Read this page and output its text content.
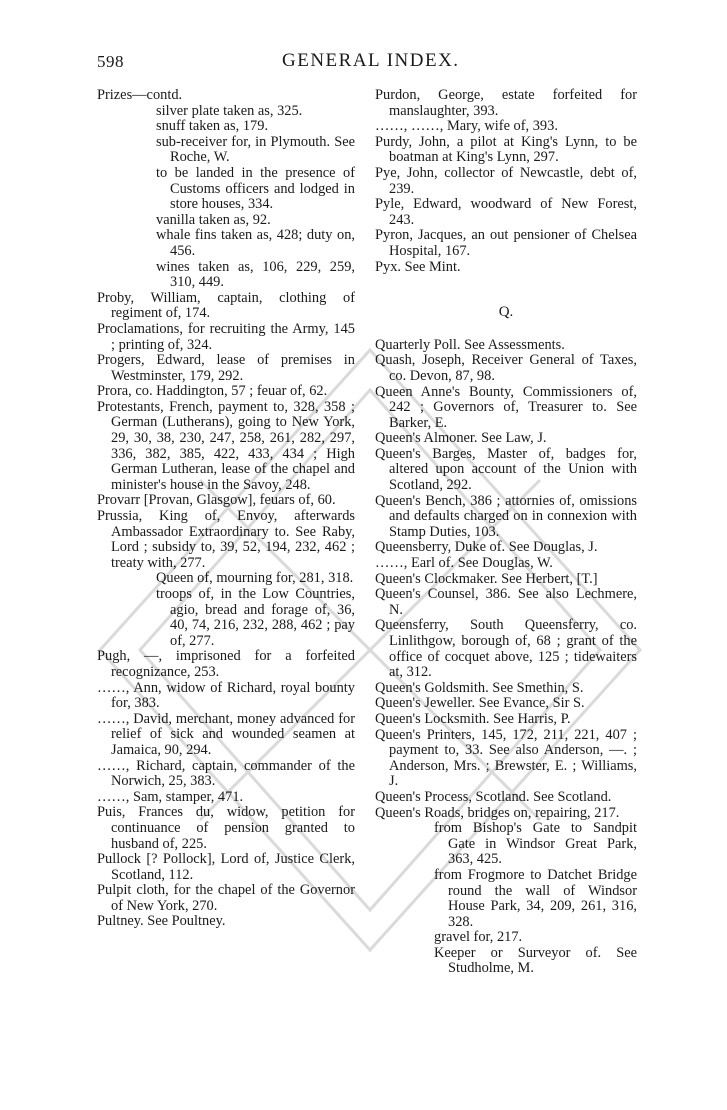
598	GENERAL INDEX.
Prizes—contd.
silver plate taken as, 325.
snuff taken as, 179.
sub-receiver for, in Plymouth. See Roche, W.
to be landed in the presence of Customs officers and lodged in store houses, 334.
vanilla taken as, 92.
whale fins taken as, 428; duty on, 456.
wines taken as, 106, 229, 259, 310, 449.
Proby, William, captain, clothing of regiment of, 174.
Proclamations, for recruiting the Army, 145 ; printing of, 324.
Progers, Edward, lease of premises in Westminster, 179, 292.
Prora, co. Haddington, 57 ; feuar of, 62.
Protestants, French, payment to, 328, 358 ; German (Lutherans), going to New York, 29, 30, 38, 230, 247, 258, 261, 282, 297, 336, 382, 385, 422, 433, 434 ; High German Lutheran, lease of the chapel and minister's house in the Savoy, 248.
Provarr [Provan, Glasgow], feuars of, 60.
Prussia, King of, Envoy, afterwards Ambassador Extraordinary to. See Raby, Lord ; subsidy to, 39, 52, 194, 232, 462 ; treaty with, 277.
Queen of, mourning for, 281, 318.
troops of, in the Low Countries, agio, bread and forage of, 36, 40, 74, 216, 232, 288, 462 ; pay of, 277.
Pugh, —, imprisoned for a forfeited recognizance, 253.
……, Ann, widow of Richard, royal bounty for, 383.
……, David, merchant, money advanced for relief of sick and wounded seamen at Jamaica, 90, 294.
……, Richard, captain, commander of the Norwich, 25, 383.
……, Sam, stamper, 471.
Puis, Frances du, widow, petition for continuance of pension granted to husband of, 225.
Pullock [? Pollock], Lord of, Justice Clerk, Scotland, 112.
Pulpit cloth, for the chapel of the Governor of New York, 270.
Pultney. See Poultney.
Purdon, George, estate forfeited for manslaughter, 393.
……, ……, Mary, wife of, 393.
Purdy, John, a pilot at King's Lynn, to be boatman at King's Lynn, 297.
Pye, John, collector of Newcastle, debt of, 239.
Pyle, Edward, woodward of New Forest, 243.
Pyron, Jacques, an out pensioner of Chelsea Hospital, 167.
Pyx. See Mint.
Q.
Quarterly Poll. See Assessments.
Quash, Joseph, Receiver General of Taxes, co. Devon, 87, 98.
Queen Anne's Bounty, Commissioners of, 242 ; Governors of, Treasurer to. See Barker, E.
Queen's Almoner. See Law, J.
Queen's Barges, Master of, badges for, altered upon account of the Union with Scotland, 292.
Queen's Bench, 386 ; attornies of, omissions and defaults charged on in connexion with Stamp Duties, 103.
Queensberry, Duke of. See Douglas, J.
……, Earl of. See Douglas, W.
Queen's Clockmaker. See Herbert, [T.]
Queen's Counsel, 386. See also Lechmere, N.
Queensferry, South Queensferry, co. Linlithgow, borough of, 68 ; grant of the office of cocquet above, 125 ; tidewaiters at, 312.
Queen's Goldsmith. See Smethin, S.
Queen's Jeweller. See Evance, Sir S.
Queen's Locksmith. See Harris, P.
Queen's Printers, 145, 172, 211, 221, 407 ; payment to, 33. See also Anderson, —. ; Anderson, Mrs. ; Brewster, E. ; Williams, J.
Queen's Process, Scotland. See Scotland.
Queen's Roads, bridges on, repairing, 217.
from Bishop's Gate to Sandpit Gate in Windsor Great Park, 363, 425.
from Frogmore to Datchet Bridge round the wall of Windsor House Park, 34, 209, 261, 316, 328.
gravel for, 217.
Keeper or Surveyor of. See Studholme, M.
